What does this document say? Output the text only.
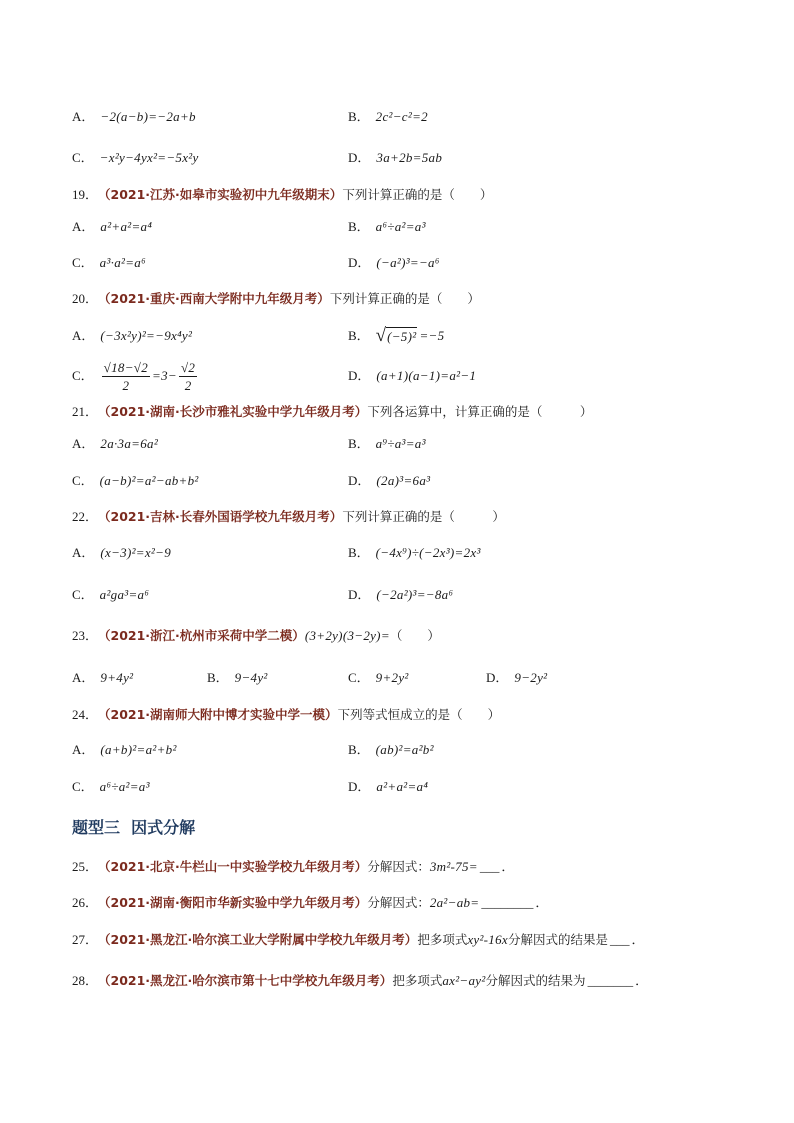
A． −2(a−b)=−2a+b	B． 2c²−c²=2
C． −x²y−4yx²=−5x²y	D． 3a+2b=5ab
19． （2021·江苏·如皋市实验初中九年级期末） 下列计算正确的是（　　）
A． a²+a²=a⁴	B． a⁶÷a²=a³
C． a³·a²=a⁶	D． (−a²)³=−a⁶
20． （2021·重庆·西南大学附中九年级月考） 下列计算正确的是（　　）
A． (−3x²y)²=−9x⁴y²	B． √ (−5)² =−5
C． $\frac{√18-√2}{2} =3- \frac{√2}{2}$	D． (a+1)(a−1)=a²−1
21． （2021·湖南·长沙市雅礼实验中学九年级月考） 下列各运算中，计算正确的是（　　　）
A． 2a·3a=6a²	B． a⁹÷a³=a³
C． (a−b)²=a²−ab+b²	D． (2a)³=6a³
22． （2021·吉林·长春外国语学校九年级月考） 下列计算正确的是（　　　）
A． (x−3)²=x²−9	B． (−4x⁹)÷(−2x³)=2x³
C． a²ga³=a⁶	D． (−2a²)³=−8a⁶
23． （2021·浙江·杭州市采荷中学二模） (3+2y)(3−2y)= （　　）
A． 9+4y²	B． 9−4y²	C． 9+2y²	D． 9−2y²
24． （2021·湖南师大附中博才实验中学一模） 下列等式恒成立的是（　　）
A． (a+b)²=a²+b²	B． (ab)²=a²b²
C． a⁶÷a²=a³	D． a²+a²=a⁴
题型三  因式分解
25． （2021·北京·牛栏山一中实验学校九年级月考） 分解因式： 3m²-75= ___ ．
26． （2021·湖南·衡阳市华新实验中学九年级月考） 分解因式： 2a²−ab= ________ ．
27． （2021·黑龙江·哈尔滨工业大学附属中学校九年级月考） 把多项式 xy²-16x 分解因式的结果是 ___ ．
28． （2021·黑龙江·哈尔滨市第十七中学校九年级月考） 把多项式 ax²−ay² 分解因式的结果为 _______ ．
